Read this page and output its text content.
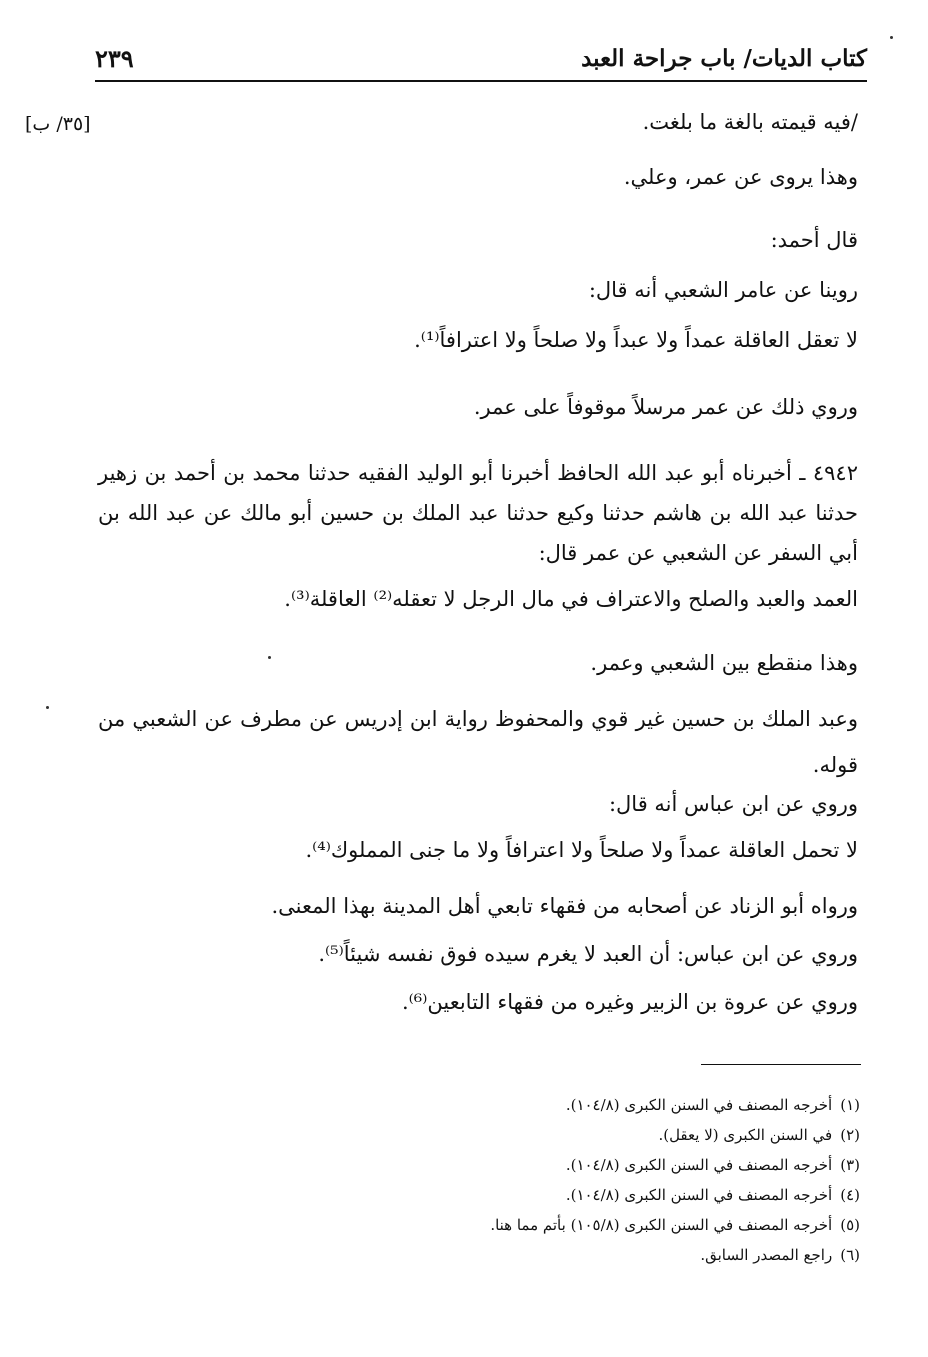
كتاب الديات/ باب جراحة العبد
٢٣٩
[٣٥/ ب]	/فيه قيمته بالغة ما بلغت.
وهذا يروى عن عمر، وعلي.
قال أحمد:
روينا عن عامر الشعبي أنه قال:
لا تعقل العاقلة عمداً ولا عبداً ولا صلحاً ولا اعترافاً⁽¹⁾.
وروي ذلك عن عمر مرسلاً موقوفاً على عمر.
٤٩٤٢ ـ أخبرناه أبو عبد الله الحافظ أخبرنا أبو الوليد الفقيه حدثنا محمد بن أحمد بن زهير حدثنا عبد الله بن هاشم حدثنا وكيع حدثنا عبد الملك بن حسين أبو مالك عن عبد الله بن أبي السفر عن الشعبي عن عمر قال:
العمد والعبد والصلح والاعتراف في مال الرجل لا تعقله⁽²⁾ العاقلة⁽³⁾.
وهذا منقطع بين الشعبي وعمر.
وعبد الملك بن حسين غير قوي والمحفوظ رواية ابن إدريس عن مطرف عن الشعبي من قوله.
وروي عن ابن عباس أنه قال:
لا تحمل العاقلة عمداً ولا صلحاً ولا اعترافاً ولا ما جنى المملوك⁽⁴⁾.
ورواه أبو الزناد عن أصحابه من فقهاء تابعي أهل المدينة بهذا المعنى.
وروي عن ابن عباس: أن العبد لا يغرم سيده فوق نفسه شيئاً⁽⁵⁾.
وروي عن عروة بن الزبير وغيره من فقهاء التابعين⁽⁶⁾.
(١)أخرجه المصنف في السنن الكبرى (١٠٤/٨).
(٢)في السنن الكبرى (لا يعقل).
(٣)أخرجه المصنف في السنن الكبرى (١٠٤/٨).
(٤)أخرجه المصنف في السنن الكبرى (١٠٤/٨).
(٥)أخرجه المصنف في السنن الكبرى (١٠٥/٨) بأتم مما هنا.
(٦)راجع المصدر السابق.
